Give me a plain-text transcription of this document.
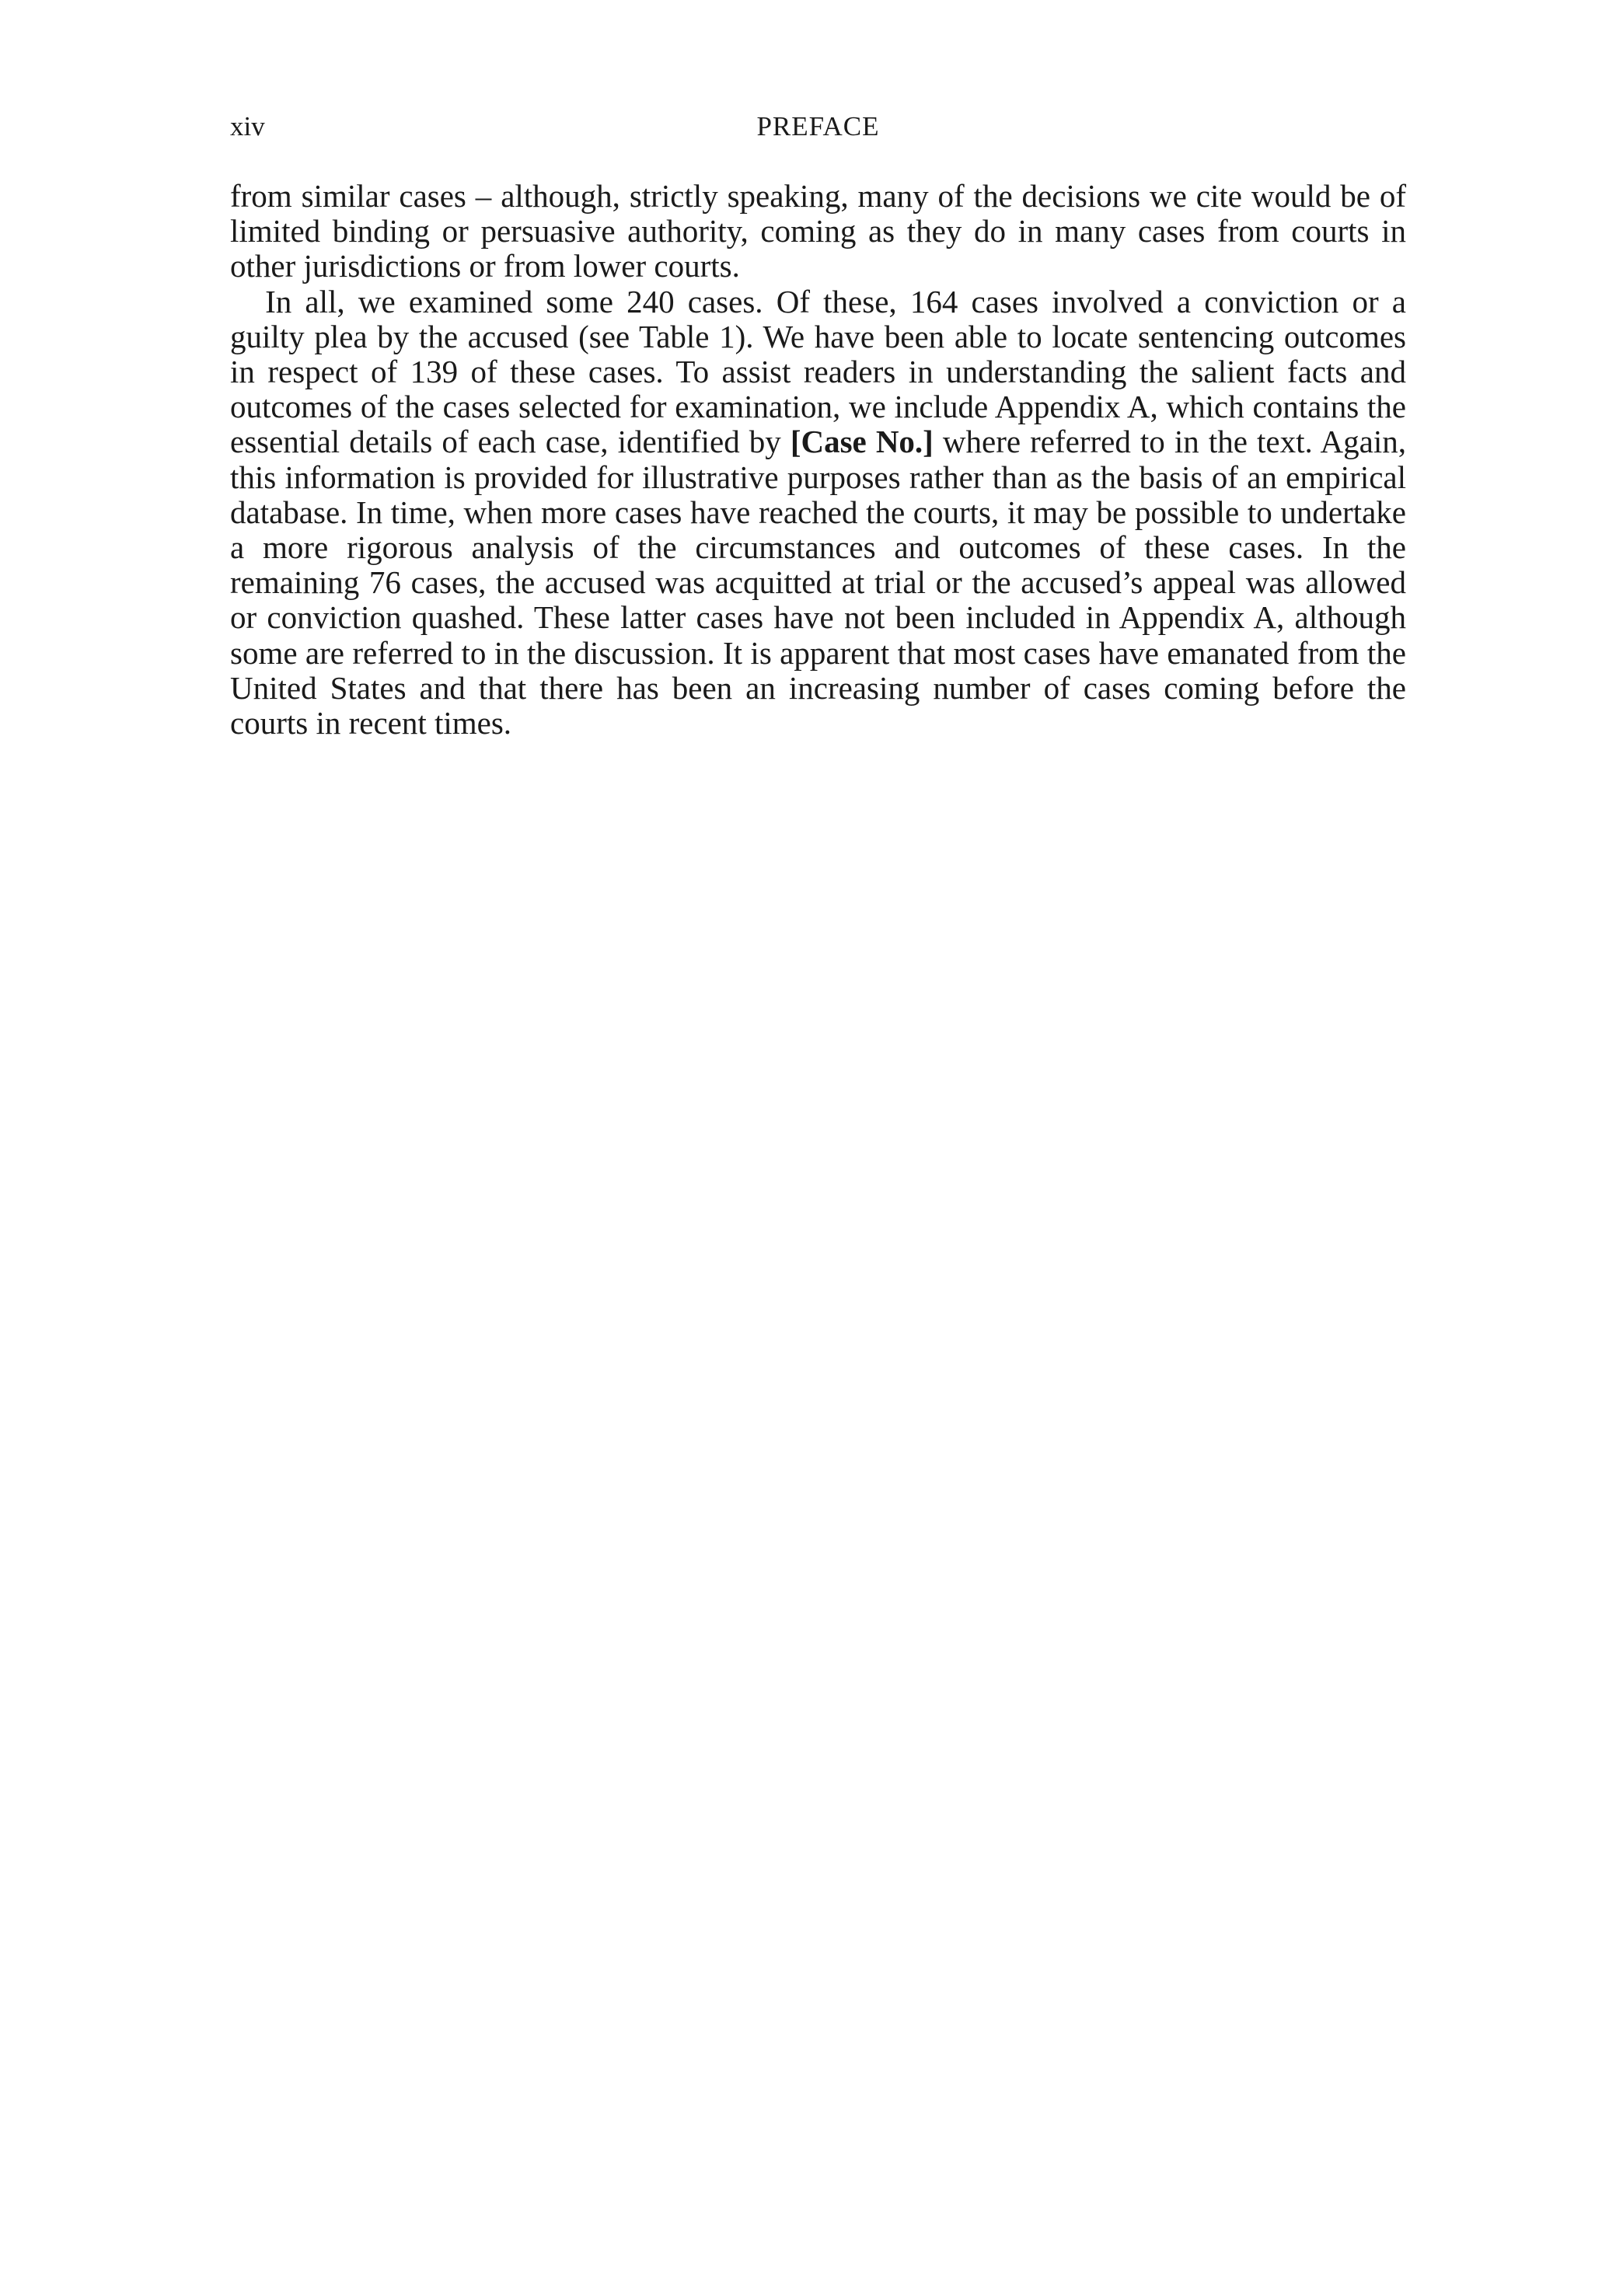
xiv	PREFACE

from similar cases – although, strictly speaking, many of the decisions we cite would be of limited binding or persuasive authority, coming as they do in many cases from courts in other jurisdictions or from lower courts.

In all, we examined some 240 cases. Of these, 164 cases involved a conviction or a guilty plea by the accused (see Table 1). We have been able to locate sentencing outcomes in respect of 139 of these cases. To assist readers in understanding the salient facts and outcomes of the cases selected for examination, we include Appendix A, which contains the essential details of each case, identified by [Case No.] where referred to in the text. Again, this information is provided for illustrative purposes rather than as the basis of an empirical database. In time, when more cases have reached the courts, it may be possible to undertake a more rigorous analysis of the circumstances and outcomes of these cases. In the remaining 76 cases, the accused was acquitted at trial or the accused’s appeal was allowed or conviction quashed. These latter cases have not been included in Appendix A, although some are referred to in the discussion. It is apparent that most cases have emanated from the United States and that there has been an increasing number of cases coming before the courts in recent times.
